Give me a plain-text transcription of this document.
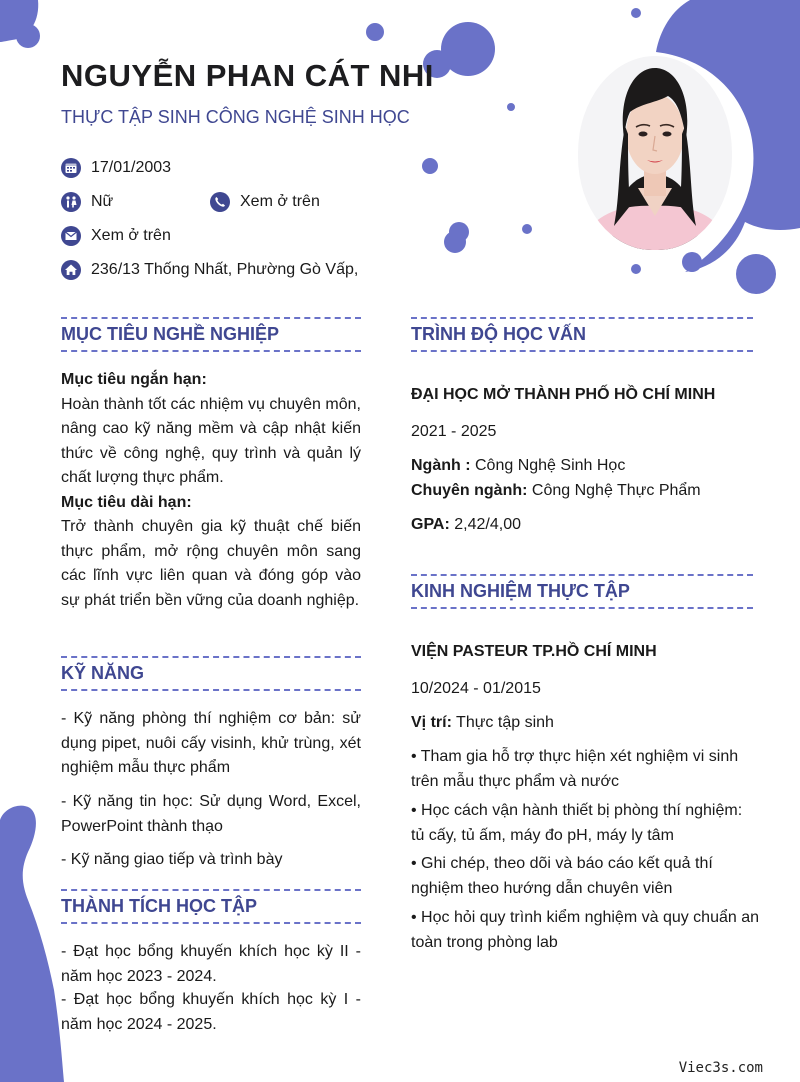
NGUYỄN PHAN CÁT NHI
THỰC TẬP SINH CÔNG NGHỆ SINH HỌC
17/01/2003
Nữ	Xem ở trên
Xem ở trên
236/13 Thống Nhất, Phường Gò Vấp,
MỤC TIÊU NGHỀ NGHIỆP
Mục tiêu ngắn hạn:
Hoàn thành tốt các nhiệm vụ chuyên môn, nâng cao kỹ năng mềm và cập nhật kiến thức về công nghệ, quy trình và quản lý chất lượng thực phẩm.
Mục tiêu dài hạn:
Trở thành chuyên gia kỹ thuật chế biến thực phẩm, mở rộng chuyên môn sang các lĩnh vực liên quan và đóng góp vào sự phát triển bền vững của doanh nghiệp.
KỸ NĂNG
- Kỹ năng phòng thí nghiệm cơ bản: sử dụng pipet, nuôi cấy visinh, khử trùng, xét nghiệm mẫu thực phẩm
- Kỹ năng tin học: Sử dụng Word, Excel, PowerPoint thành thạo
- Kỹ năng giao tiếp và trình bày
THÀNH TÍCH HỌC TẬP
- Đạt học bổng khuyến khích học kỳ II - năm học 2023 - 2024.
- Đạt học bổng khuyến khích học kỳ I - năm học 2024 - 2025.
TRÌNH ĐỘ HỌC VẤN
ĐẠI HỌC MỞ THÀNH PHỐ HỒ CHÍ MINH
2021 - 2025
Ngành : Công Nghệ Sinh Học
Chuyên ngành: Công Nghệ Thực Phẩm
GPA: 2,42/4,00
KINH NGHIỆM THỰC TẬP
VIỆN PASTEUR TP.HỒ CHÍ MINH
10/2024 - 01/2015
Vị trí: Thực tập sinh
• Tham gia hỗ trợ thực hiện xét nghiệm vi sinh trên mẫu thực phẩm và nước
• Học cách vận hành thiết bị phòng thí nghiệm: tủ cấy, tủ ấm, máy đo pH, máy ly tâm
• Ghi chép, theo dõi và báo cáo kết quả thí nghiệm theo hướng dẫn chuyên viên
• Học hỏi quy trình kiểm nghiệm và quy chuẩn an toàn trong phòng lab
Viec3s.com
